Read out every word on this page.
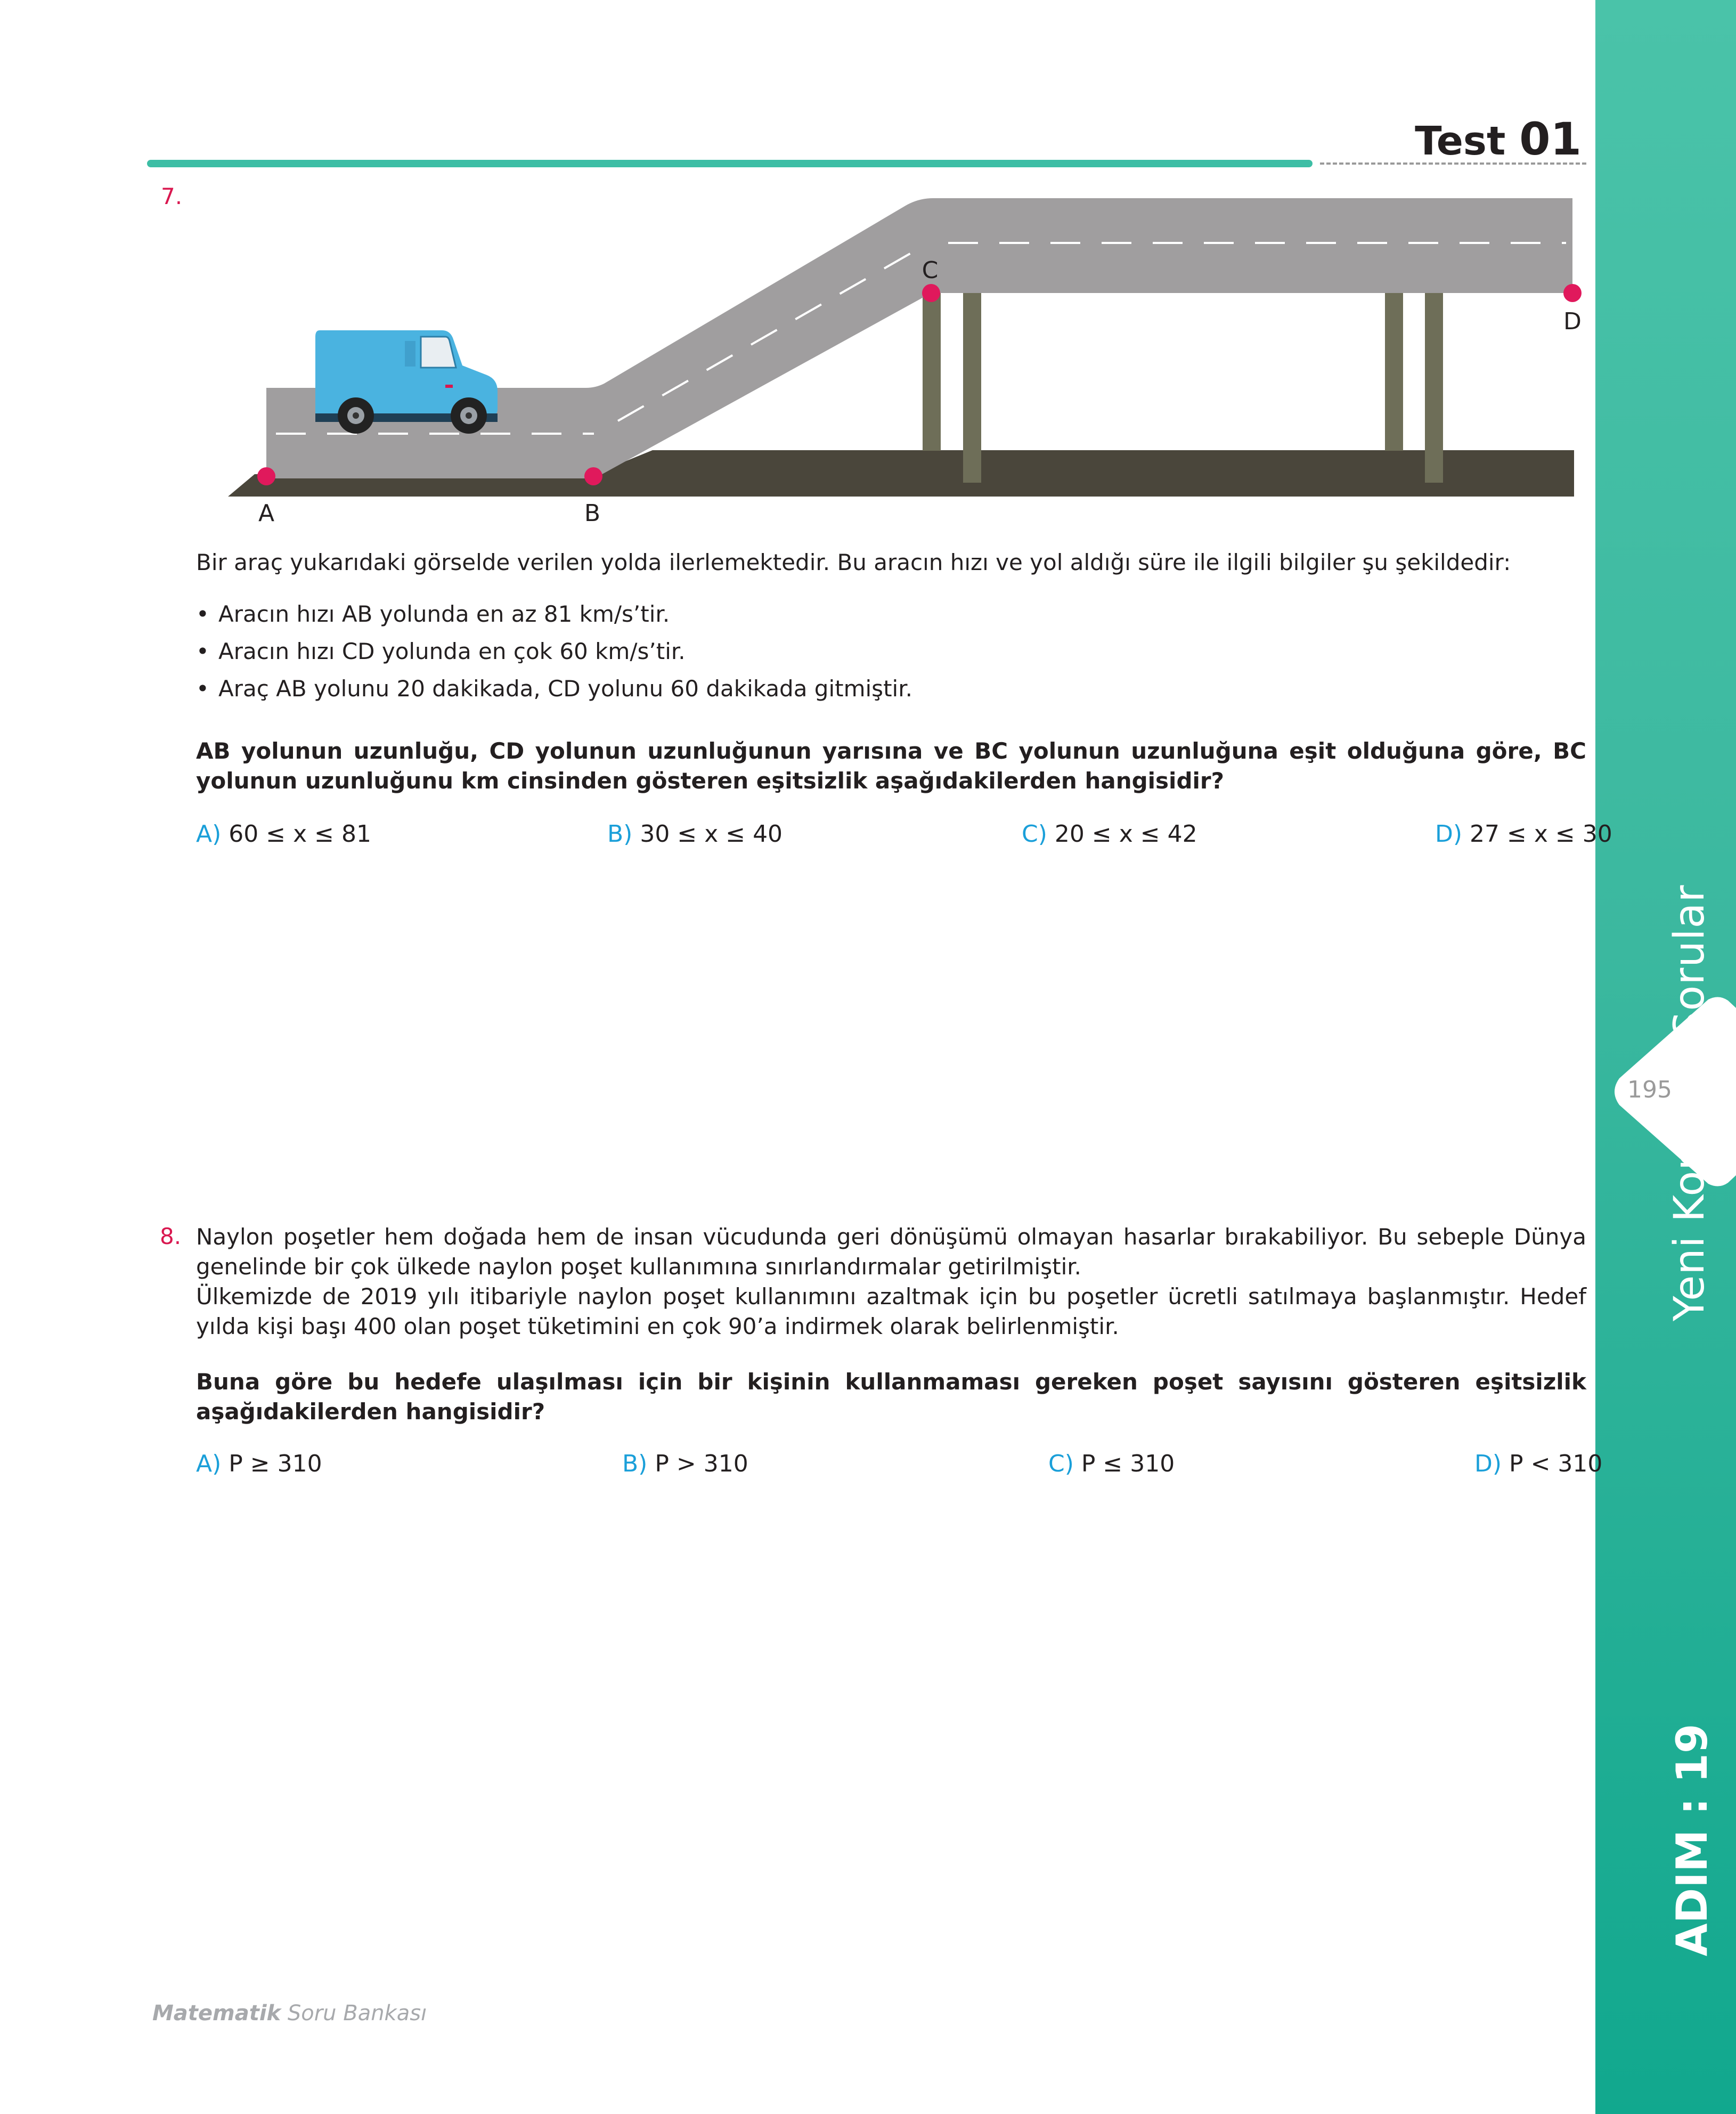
195
Yeni Konsept Sorular
ADIM : 19
Test 01
7.
A	B
C
D
Bir araç yukarıdaki görselde verilen yolda ilerlemektedir. Bu aracın hızı ve yol aldığı süre ile ilgili bilgiler şu şekildedir:
• Aracın hızı AB yolunda en az 81 km/s’tir.
• Aracın hızı CD yolunda en çok 60 km/s’tir.
• Araç AB yolunu 20 dakikada, CD yolunu 60 dakikada gitmiştir.
AB yolunun uzunluğu, CD yolunun uzunluğunun yarısına ve BC yolunun uzunluğuna eşit olduğuna göre, BC yolunun uzunluğunu km cinsinden gösteren eşitsizlik aşağıdakilerden hangisidir?
A) 60 ≤ x ≤ 81	B) 30 ≤ x ≤ 40	C) 20 ≤ x ≤ 42	D) 27 ≤ x ≤ 30
8. Naylon poşetler hem doğada hem de insan vücudunda geri dönüşümü olmayan hasarlar bırakabiliyor. Bu sebeple Dünya genelinde bir çok ülkede naylon poşet kullanımına sınırlandırmalar getirilmiştir.
Ülkemizde de 2019 yılı itibariyle naylon poşet kullanımını azaltmak için bu poşetler ücretli satılmaya başlanmıştır. Hedef yılda kişi başı 400 olan poşet tüketimini en çok 90’a indirmek olarak belirlenmiştir.
Buna göre bu hedefe ulaşılması için bir kişinin kullanmaması gereken poşet sayısını gösteren eşitsizlik aşağıdakilerden hangisidir?
A) P ≥ 310	B) P > 310	C) P ≤ 310	D) P < 310
Matematik Soru Bankası
